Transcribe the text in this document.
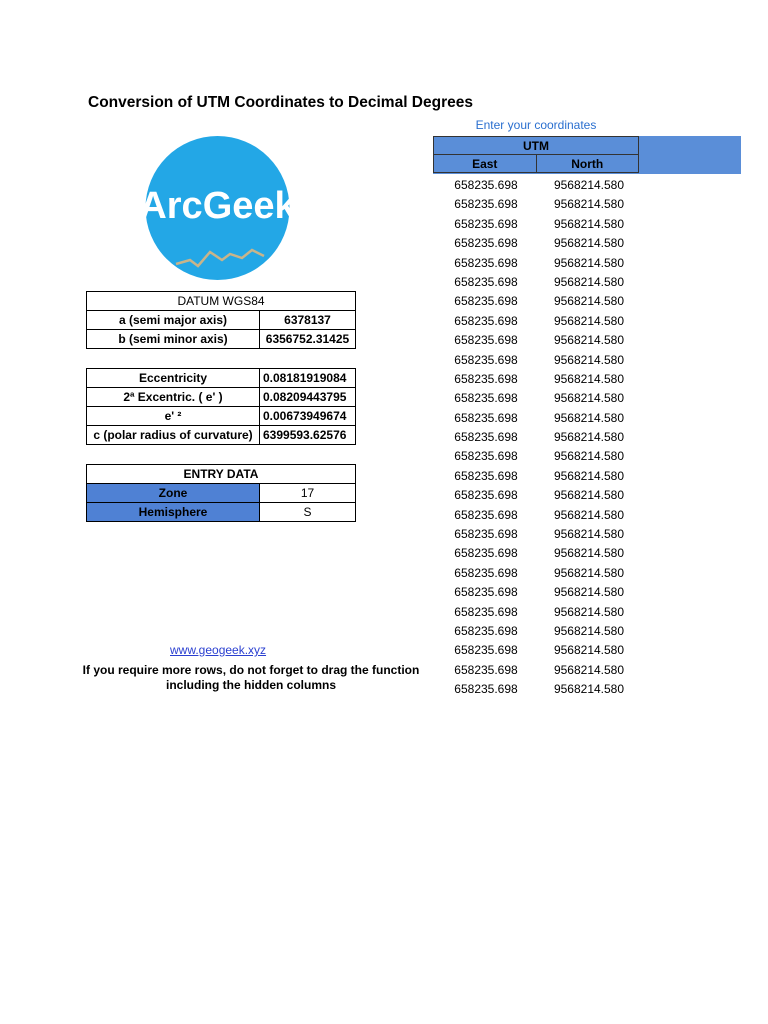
Conversion of UTM Coordinates to Decimal Degrees
ArcGeek
DATUM WGS84	
a (semi major axis)	6378137
b (semi minor axis)	6356752.31425
Eccentricity	0.08181919084
2ª Excentric. ( e' )	0.08209443795
e' ²	0.00673949674
c (polar radius of curvature)	6399593.62576
ENTRY DATA	
Zone	17
Hemisphere	S
www.geogeek.xyz
If you require more rows, do not forget to drag the function including the hidden columns
Enter your coordinates
UTM
East	North
658235.698	9568214.580
658235.698	9568214.580
658235.698	9568214.580
658235.698	9568214.580
658235.698	9568214.580
658235.698	9568214.580
658235.698	9568214.580
658235.698	9568214.580
658235.698	9568214.580
658235.698	9568214.580
658235.698	9568214.580
658235.698	9568214.580
658235.698	9568214.580
658235.698	9568214.580
658235.698	9568214.580
658235.698	9568214.580
658235.698	9568214.580
658235.698	9568214.580
658235.698	9568214.580
658235.698	9568214.580
658235.698	9568214.580
658235.698	9568214.580
658235.698	9568214.580
658235.698	9568214.580
658235.698	9568214.580
658235.698	9568214.580
658235.698	9568214.580
